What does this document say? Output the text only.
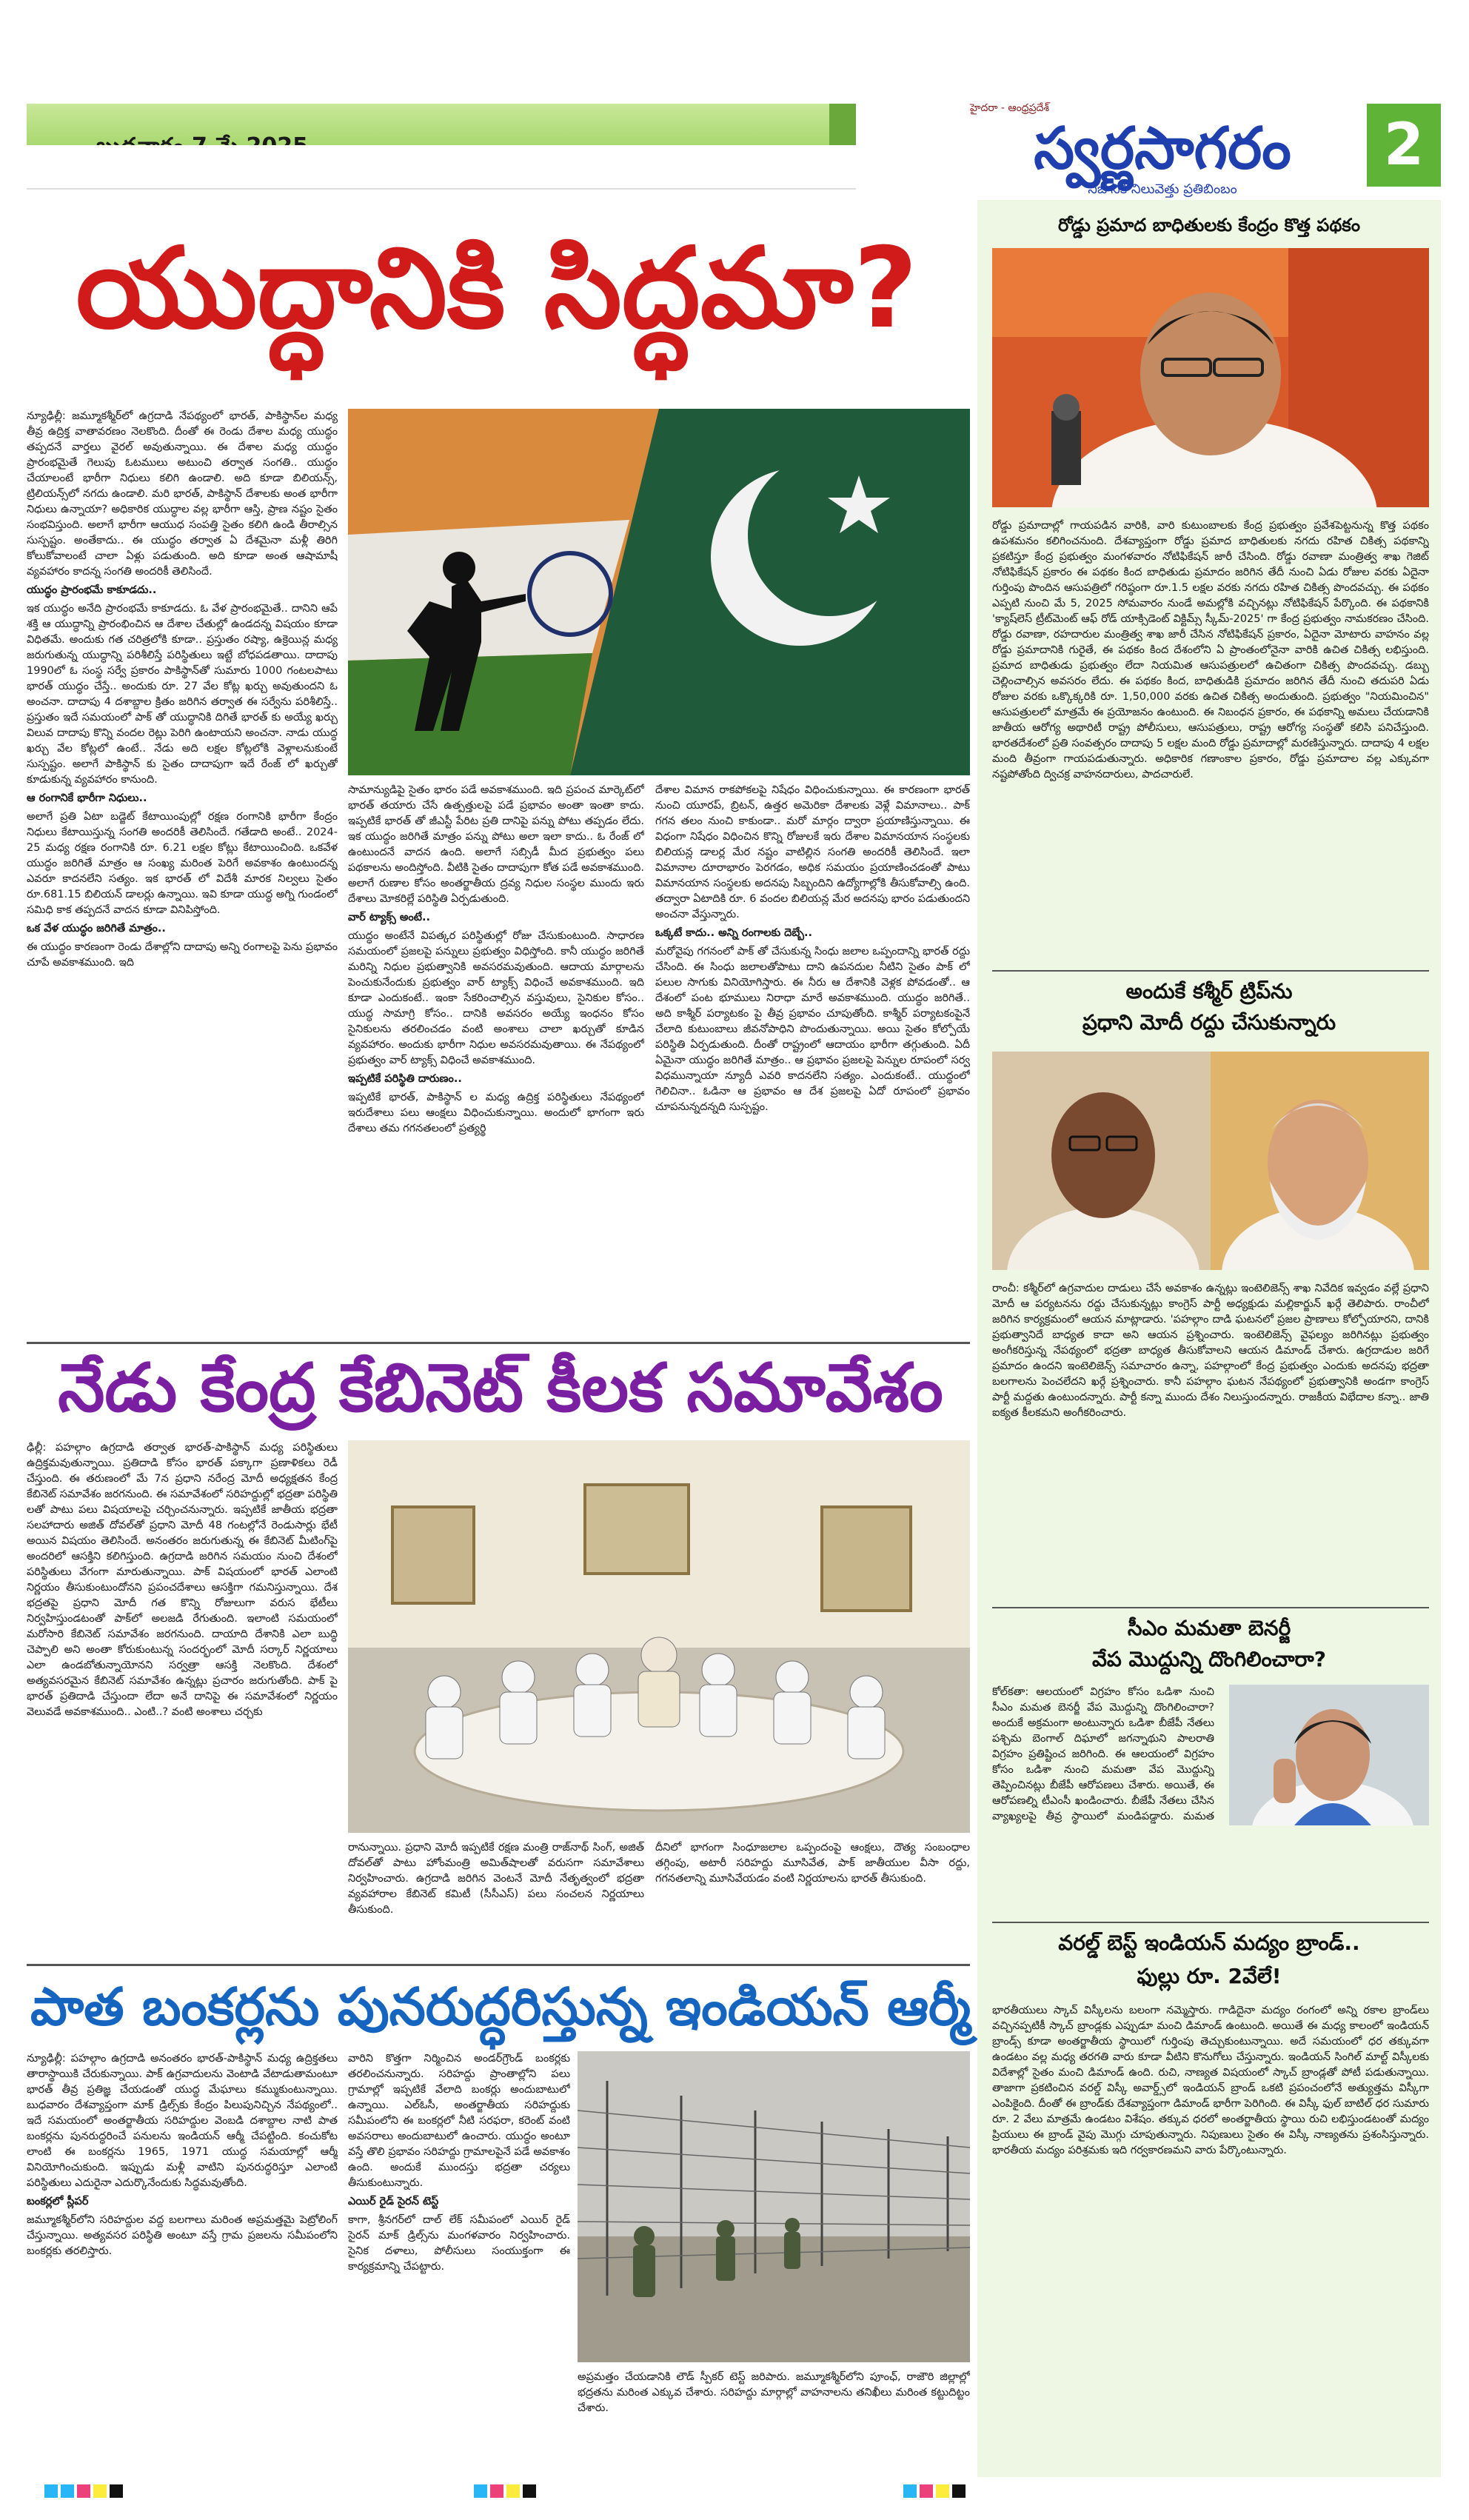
హైదరా - ఆంధ్రప్రదేశ్
స్వర్ణసాగరం
నిజానికి నిలువెత్తు ప్రతిబింబం
2
యుద్ధానికి సిద్ధమా?

న్యూఢిల్లీ: జమ్మూకశ్మీర్‌లో ఉగ్రదాడి నేపథ్యంలో భారత్, పాకిస్థాన్‌ల మధ్య తీవ్ర ఉద్రిక్త వాతావరణం నెలకొంది. దీంతో ఈ రెండు దేశాల మధ్య యుద్ధం తప్పదనే వార్తలు వైరల్ అవుతున్నాయి. ఈ దేశాల మధ్య యుద్ధం ప్రారంభమైతే గెలుపు ఓటములు అటుంచి తర్వాత సంగతి.. యుద్ధం చేయాలంటే భారీగా నిధులు కలిగి ఉండాలి. అది కూడా బిలియన్స్, ట్రిలియన్స్‌లో నగదు ఉండాలి. మరి భారత్, పాకిస్థాన్ దేశాలకు అంత భారీగా నిధులు ఉన్నాయా? అధికారిక యుద్ధాల వల్ల భారీగా ఆస్తి, ప్రాణ నష్టం సైతం సంభవిస్తుంది. అలాగే భారీగా ఆయుధ సంపత్తి సైతం కలిగి ఉండి తీరాల్సిన సుస్పష్టం. అంతేకాదు.. ఈ యుద్ధం తర్వాత ఏ దేశమైనా మళ్లీ తిరిగి కోలుకోవాలంటే చాలా ఏళ్లు పడుతుంది. అది కూడా అంత ఆషామాషీ వ్యవహారం కాదన్న సంగతి అందరికీ తెలిసిందే.

యుద్ధం ప్రారంభమే కాకూడదు..

ఇక యుద్ధం అనేది ప్రారంభమే కాకూడదు. ఓ వేళ ప్రారంభమైతే.. దానిని ఆపే శక్తి ఆ యుద్ధాన్ని ప్రారంభించిన ఆ దేశాల చేతుల్లో ఉండదన్న విషయం కూడా విధితమే. అందుకు గత చరిత్రలోకి కూడా.. ప్రస్తుతం రష్యా, ఉక్రెయిన్ల మధ్య జరుగుతున్న యుద్ధాన్ని పరిశీలిస్తే పరిస్థితులు ఇట్టే బోధపడతాయి. దాదాపు 1990లో ఓ సంస్థ సర్వే ప్రకారం పాకిస్థాన్‌తో సుమారు 1000 గంటలపాటు భారత్ యుద్ధం చేస్తే.. అందుకు రూ. 27 వేల కోట్ల ఖర్చు అవుతుందని ఓ అంచనా. దాదాపు 4 దశాబ్దాల క్రితం జరిగిన తర్వాత ఈ సర్వేను పరిశీలిస్తే.. ప్రస్తుతం ఇదే సమయంలో పాక్ తో యుద్ధానికి దిగితే భారత్ కు అయ్యే ఖర్చు విలువ దాదాపు కొన్ని వందల రెట్లు పెరిగి ఉంటాయని అంచనా. నాడు యుద్ధ ఖర్చు వేల కోట్లలో ఉంటే.. నేడు అది లక్షల కోట్లలోకి వెళ్లాలనుకుంటే సుస్పష్టం. అలాగే పాకిస్థాన్ కు సైతం దాదాపుగా ఇదే రేంజ్ లో ఖర్చుతో కూడుకున్న వ్యవహారం కానుంది.

ఆ రంగానికే భారీగా నిధులు..

అలాగే ప్రతి ఏటా బడ్జెట్ కేటాయింపుల్లో రక్షణ రంగానికి భారీగా కేంద్రం నిధులు కేటాయిస్తున్న సంగతి అందరికీ తెలిసిందే. గతేడాది అంటే.. 2024-25 మధ్య రక్షణ రంగానికి రూ. 6.21 లక్షల కోట్లు కేటాయించింది. ఒకవేళ యుద్ధం జరిగితే మాత్రం ఆ సంఖ్య మరింత పెరిగే అవకాశం ఉంటుందన్న ఎవరూ కాదనలేని సత్యం. ఇక భారత్ లో విదేశీ మారక నిల్వలు సైతం రూ.681.15 బిలియన్ డాలర్లు ఉన్నాయి. ఇవి కూడా యుద్ధ అగ్ని గుండంలో సమిధి కాక తప్పదనే వాదన కూడా వినిపిస్తోంది.

ఒక వేళ యుద్ధం జరిగితే మాత్రం..

ఈ యుద్ధం కారణంగా రెండు దేశాల్లోని దాదాపు అన్ని రంగాలపై పెను ప్రభావం చూపే అవకాశముంది. ఇది

సామాన్యుడిపై సైతం భారం పడే అవకాశముంది. ఇది ప్రపంచ మార్కెట్‌లో భారత్ తయారు చేసే ఉత్పత్తులపై పడే ప్రభావం అంతా ఇంతా కాదు. ఇప్పటికే భారత్ తో జీఎస్టీ పేరిట ప్రతి దానిపై పన్ను పోటు తప్పడం లేదు. ఇక యుద్ధం జరిగితే మాత్రం పన్ను పోటు అలా ఇలా కాదు.. ఓ రేంజ్ లో ఉంటుందనే వాదన ఉంది. అలాగే సబ్సిడీ మీద ప్రభుత్వం పలు పథకాలను అందిస్తోంది. వీటికి సైతం దాదాపుగా కోత పడే అవకాశముంది. అలాగే రుణాల కోసం అంతర్జాతీయ ద్రవ్య నిధుల సంస్థల ముందు ఇరు దేశాలు మోకరిల్లే పరిస్థితి ఏర్పడుతుంది.

వార్ ట్యాక్స్ అంటే..

యుద్ధం అంటేనే విపత్కర పరిస్థితుల్లో రోజు చేసుకుంటుంది. సాధారణ సమయంలో ప్రజలపై పన్నులు ప్రభుత్వం విధిస్తోంది. కానీ యుద్ధం జరిగితే మరిన్ని నిధుల ప్రభుత్వానికి అవసరమవుతుంది. ఆదాయ మార్గాలను పెంచుకునేందుకు ప్రభుత్వం వార్ ట్యాక్స్ విధించే అవకాశముంది. ఇది కూడా ఎందుకంటే.. ఇంకా సేకరించాల్సిన వస్తువులు, సైనికుల కోసం.. యుద్ధ సామాగ్రి కోసం.. దానికి అవసరం అయ్యే ఇంధనం కోసం సైనికులను తరలించడం వంటి అంశాలు చాలా ఖర్చుతో కూడిన వ్యవహారం. అందుకు భారీగా నిధుల అవసరమవుతాయి. ఈ నేపథ్యంలో ప్రభుత్వం వార్ ట్యాక్స్ విధించే అవకాశముంది.

ఇప్పటికే పరిస్థితి దారుణం..

ఇప్పటికే భారత్, పాకిస్థాన్ ల మధ్య ఉద్రిక్త పరిస్థితులు నేపథ్యంలో ఇరుదేశాలు పలు ఆంక్షలు విధించుకున్నాయి. అందులో భాగంగా ఇరు దేశాలు తమ గగనతలంలో ప్రత్యర్థి

దేశాల విమాన రాకపోకలపై నిషేధం విధించుకున్నాయి. ఈ కారణంగా భారత్ నుంచి యూరప్, బ్రిటన్, ఉత్తర అమెరికా దేశాలకు వెళ్లే విమానాలు.. పాక్ గగన తలం నుంచి కాకుండా.. మరో మార్గం ద్వారా ప్రయాణిస్తున్నాయి. ఈ విధంగా నిషేధం విధించిన కొన్ని రోజులకే ఇరు దేశాల విమానయాన సంస్థలకు బిలియన్ల డాలర్ల మేర నష్టం వాటిల్లిన సంగతి అందరికీ తెలిసిందే. ఇలా విమానాల దూరాభారం పెరగడం, అధిక సమయం ప్రయాణించడంతో పాటు విమానయాన సంస్థలకు అదనపు సిబ్బందిని ఉద్యోగాల్లోకి తీసుకోవాల్సి ఉంది. తద్వారా ఏటాదికి రూ. 6 వందల బిలియన్ల మేర అదనపు భారం పడుతుందని అంచనా వేస్తున్నారు.

ఒక్కటే కాదు.. అన్ని రంగాలకు దెబ్బే..

మరోవైపు గగనంలో పాక్ తో చేసుకున్న సింధు జలాల ఒప్పందాన్ని భారత్ రద్దు చేసింది. ఈ సింధు జలాలతోపాటు దాని ఉపనదుల నీటిని సైతం పాక్ లో పలుల సాగుకు వినియోగిస్తారు. ఈ నీరు ఆ దేశానికి వెళ్లక పోవడంతో.. ఆ దేశంలో పంట భూములు నిరాధా మారే అవకాశముంది. యుద్ధం జరిగితే.. అది కాశ్మీర్ పర్యాటకం పై తీవ్ర ప్రభావం చూపుతోంది. కాశ్మీర్ పర్యాటకంపైనే చేలాది కుటుంబాలు జీవనోపాధిని పొందుతున్నాయి. అయి సైతం కోల్పోయే పరిస్థితి ఏర్పడుతుంది. దీంతో రాష్ట్రంలో ఆదాయం భారీగా తగ్గుతుంది. ఏదీ ఏమైనా యుద్ధం జరిగితే మాత్రం.. ఆ ప్రభావం ప్రజలపై పెన్నుల రూపంలో సర్వ విధమున్నాయా న్యూదీ ఎవరి కాదనలేని సత్యం. ఎందుకంటే.. యుద్ధంలో గెలిచినా.. ఓడినా ఆ ప్రభావం ఆ దేశ ప్రజలపై ఏదో రూపంలో ప్రభావం చూపనున్నదన్నది సుస్పష్టం.

నేడు కేంద్ర కేబినెట్ కీలక సమావేశం
ఢిల్లీ: పహల్గాం ఉగ్రదాడి తర్వాత భారత్-పాకిస్థాన్ మధ్య పరిస్థితులు ఉద్రిక్తమవుతున్నాయి. ప్రతిదాడి కోసం భారత్ పక్కాగా ప్రణాళికలు రెడీ చేస్తుంది. ఈ తరుణంలో మే 7న ప్రధాని నరేంద్ర మోదీ అధ్యక్షతన కేంద్ర కేబినెట్ సమావేశం జరగనుంది. ఈ సమావేశంలో సరిహద్దుల్లో భద్రతా పరిస్థితి లతో పాటు పలు విషయాలపై చర్చించనున్నారు. ఇప్పటికే జాతీయ భద్రతా సలహాదారు అజిత్ దోవల్‌తో ప్రధాని మోదీ 48 గంటల్లోనే రెండుసార్లు భేటీ అయిన విషయం తెలిసిందే. అనంతరం జరుగుతున్న ఈ కేబినెట్ మీటింగ్‌పై అందరిలో ఆసక్తిని కలిగిస్తుంది. ఉగ్రదాడి జరిగిన సమయం నుంచి దేశంలో పరిస్థితులు వేగంగా మారుతున్నాయి. పాక్ విషయంలో భారత్ ఎలాంటి నిర్ణయం తీసుకుంటుందోనని ప్రపంచదేశాలు ఆసక్తిగా గమనిస్తున్నాయి. దేశ భద్రతపై ప్రధాని మోదీ గత కొన్ని రోజులుగా వరుస భేటీలు నిర్వహిస్తుండటంతో పాక్‌లో అలజడి రేగుతుంది. ఇలాంటి సమయంలో మరోసారి కేబినెట్ సమావేశం జరగనుంది. దాయాది దేశానికి ఎలా బుద్ధి చెప్పాలి అని అంతా కోరుకుంటున్న సందర్భంలో మోదీ సర్కార్‌ నిర్ణయాలు ఎలా ఉండబోతున్నాయోనని సర్వత్రా ఆసక్తి నెలకొంది. దేశంలో అత్యవసరమైన కేబినెట్ సమావేశం ఉన్నట్లు ప్రచారం జరుగుతోంది. పాక్ పై భారత్ ప్రతిదాడి చేస్తుందా లేదా అనే దానిపై ఈ సమావేశంలో నిర్ణయం వెలువడే అవకాశముంది.. ఎంటి..? వంటి అంశాలు చర్చకు
రానున్నాయి. ప్రధాని మోదీ ఇప్పటికే రక్షణ మంత్రి రాజ్‌నాథ్ సింగ్, అజిత్ దోవల్‌తో పాటు హోంమంత్రి అమిత్‌షాలతో వరుసగా సమావేశాలు నిర్వహించారు. ఉగ్రదాడి జరిగిన వెంటనే మోదీ నేతృత్వంలో భద్రతా వ్యవహారాల కేబినెట్ కమిటీ (సీసీఎస్) పలు సంచలన నిర్ణయాలు తీసుకుంది.
దీనిలో భాగంగా సింధూజలాల ఒప్పందంపై ఆంక్షలు, దౌత్య సంబంధాల తగ్గింపు, అటారీ సరిహద్దు మూసివేత, పాక్ జాతీయుల వీసా రద్దు, గగనతలాన్ని మూసివేయడం వంటి నిర్ణయాలను భారత్ తీసుకుంది.
పాత బంకర్లను పునరుద్ధరిస్తున్న ఇండియన్ ఆర్మీ

న్యూఢిల్లీ: పహల్గాం ఉగ్రదాడి అనంతరం భారత్-పాకిస్థాన్ మధ్య ఉద్రిక్తతలు తారాస్థాయికి చేరుకున్నాయి. పాక్ ఉగ్రవాదులను వెంటాడి వేటాడుతామంటూ భారత్ తీవ్ర ప్రతిజ్ఞ చేయడంతో యుద్ధ మేఘాలు కమ్ముకుంటున్నాయి. బుధవారం దేశవ్యాప్తంగా మాక్ డ్రిల్స్‌కు కేంద్రం పిలుపునిచ్చిన నేపథ్యంలో.. ఇదే సమయంలో అంతర్జాతీయ సరిహద్దుల వెంబడి దశాబ్దాల నాటి పాత బంకర్లను పునరుద్ధరించే పనులను ఇండియన్ ఆర్మీ చేపట్టింది. కంచుకోట లాంటి ఈ బంకర్లను 1965, 1971 యుద్ధ సమయాల్లో ఆర్మీ వినియోగించుకుంది. ఇప్పుడు మళ్లీ వాటిని పునరుద్ధరిస్తూ ఎలాంటి పరిస్థితులు ఎదురైనా ఎదుర్కొనేందుకు సిద్ధమవుతోంది.

బంకర్లలో స్లీపర్

జమ్మూకశ్మీర్‌లోని సరిహద్దుల వద్ద బలగాలు మరింత అప్రమత్తమై పెట్రోలింగ్ చేస్తున్నాయి. అత్యవసర పరిస్థితి అంటూ వస్తే గ్రామ ప్రజలను సమీపంలోని బంకర్లకు తరలిస్తారు.

వారిని కొత్తగా నిర్మించిన అండర్‌గ్రౌండ్ బంకర్లకు తరలించనున్నారు. సరిహద్దు ప్రాంతాల్లోని పలు గ్రామాల్లో ఇప్పటికే వేలాది బంకర్లు అందుబాటులో ఉన్నాయి. ఎల్ఓసీ, అంతర్జాతీయ సరిహద్దుకు సమీపంలోని ఈ బంకర్లలో నీటి సరఫరా, కరెంట్ వంటి అవసరాలు అందుబాటులో ఉంచారు. యుద్ధం అంటూ వస్తే తొలి ప్రభావం సరిహద్దు గ్రామాలపైనే పడే అవకాశం ఉంది. అందుకే ముందస్తు భద్రతా చర్యలు తీసుకుంటున్నారు.

ఎయిర్ రైడ్ సైరన్ టెస్ట్

కాగా, శ్రీనగర్‌లో దాల్ లేక్ సమీపంలో ఎయిర్ రైడ్ సైరన్ మాక్ డ్రిల్స్‌ను మంగళవారం నిర్వహించారు. సైనిక దళాలు, పోలీసులు సంయుక్తంగా ఈ కార్యక్రమాన్ని చేపట్టారు.

అప్రమత్తం చేయడానికి లౌడ్ స్పీకర్ టెస్ట్ జరిపారు. జమ్మూకశ్మీర్‌లోని పూంఛ్, రాజౌరి జిల్లాల్లో భద్రతను మరింత ఎక్కువ చేశారు. సరిహద్దు మార్గాల్లో వాహనాలను తనిఖీలు మరింత కట్టుదిట్టం చేశారు.
రోడ్డు ప్రమాద బాధితులకు కేంద్రం కొత్త పథకం
రోడ్డు ప్రమాదాల్లో గాయపడిన వారికి, వారి కుటుంబాలకు కేంద్ర ప్రభుత్వం ప్రవేశపెట్టనున్న కొత్త పథకం ఉపశమనం కలిగించనుంది. దేశవ్యాప్తంగా రోడ్డు ప్రమాద బాధితులకు నగదు రహిత చికిత్స పథకాన్ని ప్రకటిస్తూ కేంద్ర ప్రభుత్వం మంగళవారం నోటిఫికేషన్ జారీ చేసింది. రోడ్డు రవాణా మంత్రిత్వ శాఖ గెజిట్ నోటిఫికేషన్ ప్రకారం ఈ పథకం కింద బాధితుడు ప్రమాదం జరిగిన తేదీ నుంచి ఏడు రోజుల వరకు ఏదైనా గుర్తింపు పొందిన ఆసుపత్రిలో గరిష్ఠంగా రూ.1.5 లక్షల వరకు నగదు రహిత చికిత్స పొందవచ్చు. ఈ పథకం ఎప్పటి నుంచి మే 5, 2025 సోమవారం నుండే అమల్లోకి వచ్చినట్లు నోటిఫికేషన్ పేర్కొంది. ఈ పథకానికి 'క్యాష్‌లెస్ ట్రీట్‌మెంట్ ఆఫ్ రోడ్ యాక్సిడెంట్ విక్టిమ్స్ స్కీమ్-2025' గా కేంద్ర ప్రభుత్వం నామకరణం చేసింది. రోడ్డు రవాణా, రహదారుల మంత్రిత్వ శాఖ జారీ చేసిన నోటిఫికేషన్ ప్రకారం, ఏదైనా మోటారు వాహనం వల్ల రోడ్డు ప్రమాదానికి గురైతే, ఈ పథకం కింద దేశంలోని ఏ ప్రాంతంలోనైనా వారికి ఉచిత చికిత్స లభిస్తుంది. ప్రమాద బాధితుడు ప్రభుత్వం లేదా నియమిత ఆసుపత్రులలో ఉచితంగా చికిత్స పొందవచ్చు. డబ్బు చెల్లించాల్సిన అవసరం లేదు. ఈ పథకం కింద, బాధితుడికి ప్రమాదం జరిగిన తేదీ నుంచి తదుపరి ఏడు రోజుల వరకు ఒక్కొక్కరికి రూ. 1,50,000 వరకు ఉచిత చికిత్స అందుతుంది. ప్రభుత్వం "నియమించిన" ఆసుపత్రులలో మాత్రమే ఈ ప్రయోజనం ఉంటుంది. ఈ నిబంధన ప్రకారం, ఈ పథకాన్ని అమలు చేయడానికి జాతీయ ఆరోగ్య అథారిటీ రాష్ట్ర పోలీసులు, ఆసుపత్రులు, రాష్ట్ర ఆరోగ్య సంస్థతో కలిసి పనిచేస్తుంది. భారతదేశంలో ప్రతి సంవత్సరం దాదాపు 5 లక్షల మంది రోడ్డు ప్రమాదాల్లో మరణిస్తున్నారు. దాదాపు 4 లక్షల మంది తీవ్రంగా గాయపడుతున్నారు. అధికారిక గణాంకాల ప్రకారం, రోడ్డు ప్రమాదాల వల్ల ఎక్కువగా నష్టపోతోంది ద్విచక్ర వాహనదారులు, పాదచారులే.
అందుకే కశ్మీర్ ట్రిప్‌ను
ప్రధాని మోదీ రద్దు చేసుకున్నారు
రాంచీ: కశ్మీర్‌లో ఉగ్రవాదుల దాడులు చేసే అవకాశం ఉన్నట్లు ఇంటెలిజెన్స్ శాఖ నివేదిక ఇవ్వడం వల్లే ప్రధాని మోదీ ఆ పర్యటనను రద్దు చేసుకున్నట్లు కాంగ్రెస్ పార్టీ అధ్యక్షుడు మల్లికార్జున్ ఖర్గే తెలిపారు. రాంచీలో జరిగిన కార్యక్రమంలో ఆయన మాట్లాడారు. 'పహల్గాం దాడి ఘటనలో ప్రజల ప్రాణాలు కోల్పోయారని, దానికి ప్రభుత్వానిదే బాధ్యత కాదా అని ఆయన ప్రశ్నించారు. ఇంటెలిజెన్స్ వైఫల్యం జరిగినట్లు ప్రభుత్వం అంగీకరిస్తున్న నేపథ్యంలో భద్రతా బాధ్యత తీసుకోవాలని ఆయన డిమాండ్ చేశారు. ఉగ్రదాడుల జరిగే ప్రమాదం ఉందని ఇంటెలిజెన్స్ సమాచారం ఉన్నా, పహల్గాంలో కేంద్ర ప్రభుత్వం ఎందుకు అదనపు భద్రతా బలగాలను పెంచలేదని ఖర్గే ప్రశ్నించారు. కానీ పహల్గాం ఘటన నేపథ్యంలో ప్రభుత్వానికి అండగా కాంగ్రెస్ పార్టీ మద్దతు ఉంటుందన్నారు. పార్టీ కన్నా ముందు దేశం నిలుస్తుందన్నారు. రాజకీయ విభేదాల కన్నా.. జాతి ఐక్యత కీలకమని అంగీకరించారు.
సీఎం మమతా బెనర్జీ
వేప మొద్దున్ని దొంగిలించారా?
కోల్‌కతా: ఆలయంలో విగ్రహం కోసం ఒడిశా నుంచి సీఎం మమత బెనర్జీ వేప మొద్దున్ని దొంగిలించారా? అందుకే అక్రమంగా అంటున్నారు ఒడిశా బీజేపీ నేతలు పశ్చిమ బెంగాల్ దిఘాలో జగన్నాథుని పాలరాతి విగ్రహం ప్రతిష్టించ జరిగింది. ఈ ఆలయంలో విగ్రహం కోసం ఒడిశా నుంచి మమతా వేప మొద్దున్ని తెప్పించినట్లు బీజేపీ ఆరోపణలు చేశారు. అయితే, ఈ ఆరోపణల్ని టీఎంసీ ఖండించారు. బీజేపీ నేతలు చేసిన వ్యాఖ్యలపై తీవ్ర స్థాయిలో మండిపడ్డారు. మమత
వరల్డ్ బెస్ట్ ఇండియన్ మద్యం బ్రాండ్..
ఫుల్లు రూ. 2వేలే!
భారతీయులు స్కాచ్ విస్కీలను బలంగా నమ్మెస్తారు. గాడిదైనా మద్యం రంగంలో అన్ని రకాల బ్రాండ్‌లు వచ్చినప్పటికీ స్కాచ్ బ్రాండ్లకు ఎప్పుడూ మంచి డిమాండ్ ఉంటుంది. అయితే ఈ మధ్య కాలంలో ఇండియన్ బ్రాండ్స్ కూడా అంతర్జాతీయ స్థాయిలో గుర్తింపు తెచ్చుకుంటున్నాయి. అదే సమయంలో ధర తక్కువగా ఉండటం వల్ల మధ్య తరగతి వారు కూడా వీటిని కొనుగోలు చేస్తున్నారు. ఇండియన్ సింగిల్ మాల్ట్ విస్కీలకు విదేశాల్లో సైతం మంచి డిమాండ్ ఉంది. రుచి, నాణ్యత విషయంలో స్కాచ్ బ్రాండ్లతో పోటీ పడుతున్నాయి. తాజాగా ప్రకటించిన వరల్డ్ విస్కీ అవార్డ్స్‌లో ఇండియన్ బ్రాండ్ ఒకటి ప్రపంచంలోనే అత్యుత్తమ విస్కీగా ఎంపికైంది. దీంతో ఈ బ్రాండ్‌కు దేశవ్యాప్తంగా డిమాండ్ భారీగా పెరిగింది. ఈ విస్కీ ఫుల్ బాటిల్ ధర సుమారు రూ. 2 వేలు మాత్రమే ఉండటం విశేషం. తక్కువ ధరలో అంతర్జాతీయ స్థాయి రుచి లభిస్తుండటంతో మద్యం ప్రియులు ఈ బ్రాండ్ వైపు మొగ్గు చూపుతున్నారు. నిపుణులు సైతం ఈ విస్కీ నాణ్యతను ప్రశంసిస్తున్నారు. భారతీయ మద్యం పరిశ్రమకు ఇది గర్వకారణమని వారు పేర్కొంటున్నారు.
